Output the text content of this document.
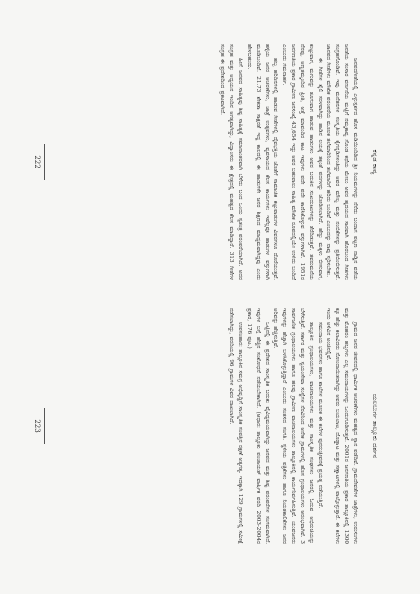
ಕನ್ನಡ ಕಾವ್ಯ

ಜನಪದಗೀತೆಯಲ್ಲಿ ಎಳ್ಳುಸ್ಪರ್ಶದ ಹೊಸ ಮಡಿಯಿಂದಿಡಿದ ಶ್ರೀ ನಿಯಮಗಳನ್ನು ನೆನೆದು ಬಂದಾಗ ಪಟ್ಟಣ ನಾಡ್ಡಿನ ವಡೆಯ ಜನತೆಯ ಸಂಸಾರ ವರ್ಣನೆಯ ಮಟ್ಟಿಗೆ ನಮ್ಮಕಾವ್ಯ ಗೊಂಡ ಕಥೆಯ ಮೇಲು ಅವರ ಹೃದಯದ ಸಾರವಾಗಿ ಹೊರಬಂದ ಗೀತಗಳು ಸಂಗ್ರಹಗೊಂಡಿವೆ. ಇವು ಮನೆತನಗಳ ಸಂಸ್ಕೃತಿಯ ಕೈಗನ್ನಡಿಗಳಂತಿದ್ದು ಅವರ ಮೌಲ್ಯ ಮತ್ತು ನಂಬಿಕೆಗಳನ್ನು ಪ್ರತಿಬಿಂಬಿಸುತ್ತವೆ. ಜಾನಪದ ಗೀತೆಗಳು ಮೌಖಿಕ ಪರಂಪರೆಯ ಮೂಲಕ ತಲೆಮಾರಿನಿಂದ ತಲೆಮಾರಿಗೆ ಹರಿದು ಬಂದಿವೆ ಎಂಬುದನ್ನು ನಾವು ಸ್ಮರಿಸಬೇಕು.

ಈ ಗೀತೆಗಳ ಶೈಲಿ ಸರಳವಾಗಿದ್ದು ಹಾಡಿನ ಲಯಕ್ಕೆ ತಕ್ಕಂತೆ ಪದಗಳನ್ನು ಜೋಡಿಸಲಾಗಿದೆ. ಹೆಣ್ಣು ಮಕ್ಕಳು ಬೀಸುವಾಗ, ಕುಟ್ಟುವಾಗ, ಮಗುವನ್ನು ತೂಗುವಾಗ ಹಾಡುವ ಹಾಡುಗಳು ಅವರ ಬದುಕಿನ ಸುಖದುಃಖಗಳನ್ನು ತೆರೆದಿಡುತ್ತವೆ. ತವರುಮನೆಯ ನೆನಪು, ಅಣ್ಣತಮ್ಮಂದಿರ ಪ್ರೀತಿ, ಅತ್ತೆ ಮಾವಂದಿರ ಕಾಟ ಇವುಗಳು ಪದೇ ಪದೇ ಕಾಣಿಸಿಕೊಳ್ಳುವ ವಸ್ತುಗಳಾಗಿವೆ. 1951ರ ಜನಗಣತಿಯ ಪ್ರಕಾರ ಗ್ರಾಮೀಣ ಜನಸಂಖ್ಯೆ 43,654 ಇದ್ದು ಅವರ ಬಹುಪಾಲು ಸಾಹಿತ್ಯ ಮೌಖಿಕ ರೂಪದಲ್ಲಿಯೇ ಉಳಿದು ಬಂದಿದೆ ಎಂಬುದು ಗಮನಾರ್ಹ.

ಹಬ್ಬ ಹರಿದಿನಗಳಲ್ಲಿ ಹಾಡುವ ಗೀತೆಗಳಲ್ಲಿ ದೈವಭಕ್ತಿಯ ಜೊತೆಗೆ ಸಾಮಾಜಿಕ ಕಟ್ಟುಪಾಡುಗಳ ವಿವರಗಳೂ ದೊರೆಯುತ್ತವೆ. ಹಳ್ಳಿಯ ಜನರ ಆಚರಣೆಗಳು, ಜಾತ್ರೆ ಉತ್ಸವಗಳು, ವ್ಯವಸಾಯದ ಕೆಲಸ ಕಾರ್ಯಗಳು ಇವೆಲ್ಲವೂ ಹಾಡುಗಳ ವಸ್ತುಗಳಾಗಿ ಮೂಡಿಬಂದಿವೆ. 21.73 ಶೇಕಡಾ ಸಾಕ್ಷರತೆ ಇದ್ದ ಕಾಲದಲ್ಲಿ ಈ ಹಾಡುಗಳೇ ಜನರ ಶಿಕ್ಷಣದ ಮಾಧ್ಯಮವಾಗಿದ್ದವು ಎಂದು ಹೇಳಬಹುದು.

ಹೀಗೆ ಜನಪದ ಸಾಹಿತ್ಯವು ಶಿಷ್ಟ ಸಾಹಿತ್ಯಕ್ಕೆ ಸಮಾನಾಂತರವಾಗಿ ಬೆಳೆದು ಬಂದ ಒಂದು ಸ್ವತಂತ್ರ ಪರಂಪರೆಯಾಗಿದೆ. ಅದರ ಸಂಗ್ರಹ ಮತ್ತು ಅಧ್ಯಯನ ಇಂದಿನ ಅಗತ್ಯವಾಗಿದ್ದು, ವಿದ್ವಾಂಸರು ಈ ಕ್ಷೇತ್ರದಲ್ಲಿ ಮಹತ್ವದ ಕೆಲಸ ಮಾಡಿದ್ದಾರೆ. 313 ಗೀತೆಗಳ ಸಂಗ್ರಹ ಈ ಪ್ರದೇಶದಿಂದ ಪ್ರಕಟವಾಗಿದೆ.

222
ಯಲಬುರ್ಗ ತಾಲ್ಲೂಕು ದರ್ಶನ

ಗ್ರಾಮದ ಜನರ ಜೀವನದಲ್ಲಿ ಧಾರ್ಮಿಕ ಆಚರಣೆಗಳು ಮಹತ್ವದ ಸ್ಥಾನ ಪಡೆದಿವೆ. ಗ್ರಾಮದೇವತೆಗಳ ಜಾತ್ರೆಗಳು, ಉರುಸುಗಳು ಮತ್ತು ಮೊಹರಂ ಹಬ್ಬಗಳು ಎಲ್ಲ ಸಮುದಾಯಗಳನ್ನು ಒಂದುಗೂಡಿಸುತ್ತವೆ. 2001ರ ಜನಗಣತಿಯ ಪ್ರಕಾರ ತಾಲ್ಲೂಕಿನಲ್ಲಿ 1300 ಕ್ಕೂ ಹೆಚ್ಚು ಕಲಾವಿದರು ನೋಂದಾಯಿತರಾಗಿದ್ದು ಅವರು ಬಯಲಾಟ, ದೊಡ್ಡಾಟ ಮತ್ತು ಸಣ್ಣಾಟಗಳಲ್ಲಿ ಪಾಲ್ಗೊಳ್ಳುತ್ತಾರೆ. ಈ ಕಲೆಗಳು ಇಂದು ಅಳಿವಿನ ಅಂಚಿನಲ್ಲಿವೆ.

ಸಮುದಾಯ ಭವನಗಳು ಹಾಗೂ ಶಾಲೆಗಳ ಮೂಲಕ ಈ ಕಲೆಗಳ ಪುನರುಜ್ಜೀವನಕ್ಕೆ ಪ್ರಯತ್ನ ನಡೆಯುತ್ತಿದೆ.

ತಾಲ್ಲೂಕಿನ ಗ್ರಂಥಾಲಯಗಳು, ವಾಚನಾಲಯಗಳು ಮತ್ತು ಸಾಂಸ್ಕೃತಿಕ ಸಂಘಗಳು ಜನರಲ್ಲಿ ಓದುವ ಅಭಿರುಚಿಯನ್ನು ಬೆಳೆಸುತ್ತಿವೆ. ಸರ್ಕಾರ ಮತ್ತು ಸ್ವಯಂಸೇವಾ ಸಂಸ್ಥೆಗಳ ನೆರವಿನಿಂದ ಅನೇಕ ಗ್ರಾಮಗಳಲ್ಲಿ ಹೊಸ ಗ್ರಂಥಾಲಯಗಳು ಆರಂಭವಾಗಿವೆ. 3 ಸಾರ್ವಜನಿಕ ಗ್ರಂಥಾಲಯಗಳು ಹಾಗೂ ಹಲವು ಗ್ರಾಮೀಣ ವಾಚನಾಲಯಗಳು ತಾಲ್ಲೂಕಿನಲ್ಲಿ ಕಾರ್ಯನಿರ್ವಹಿಸುತ್ತಿವೆ. ಯುವಜನರು ಇವುಗಳನ್ನು ಹೆಚ್ಚಾಗಿ ಬಳಸಿಕೊಳ್ಳುತ್ತಿದ್ದಾರೆ ಎಂಬುದು ಸಂತಸದ ಸಂಗತಿ. ಸ್ಥಳೀಯ ಪತ್ರಿಕೆಗಳು ಹಾಗೂ ನಿಯತಕಾಲಿಕೆಗಳು ಜನರ ಅರಿವನ್ನು ಹೆಚ್ಚಿಸುತ್ತಿವೆ.

ಒಟ್ಟಿನಲ್ಲಿ ಈ ಪ್ರದೇಶದ ಸಾಂಸ್ಕೃತಿಕ ಬದುಕು ವೈವಿಧ್ಯಮಯವಾಗಿದ್ದು ಜನಪದ ಮತ್ತು ಶಿಷ್ಟ ಪರಂಪರೆಗಳ ಸಂಗಮವಾಗಿದೆ. ಇವುಗಳ ಬಗ್ಗೆ ಹೆಚ್ಚಿನ ಸಂಶೋಧನೆ ನಡೆಯಬೇಕಾಗಿದೆ. (ಆಧಾರ: ತಾಲ್ಲೂಕು ಪಂಚಾಯತ್ ವಾರ್ಷಿಕ ವರದಿ 2003-2004ರ ಪ್ರಕಾರ, 176 ಪುಟ.)

ಉಪಸಂಹಾರ: ತಾಲ್ಲೂಕಿನ ಸಮಗ್ರ ಅಭಿವೃದ್ಧಿಗೆ ಸಾಂಸ್ಕೃತಿಕ ಸಂಪತ್ತಿನ ರಕ್ಷಣೆ ಅತ್ಯಗತ್ಯ. ಇದಕ್ಕಾಗಿ 129 ಗ್ರಾಮಗಳಲ್ಲಿ ಸಮೀಕ್ಷೆ ನಡೆಸಲಾಗಿದ್ದು, ವರದಿಯಲ್ಲಿ 96 ಗ್ರಾಮಗಳ ವಿವರ ದಾಖಲಾಗಿದೆ.

223
